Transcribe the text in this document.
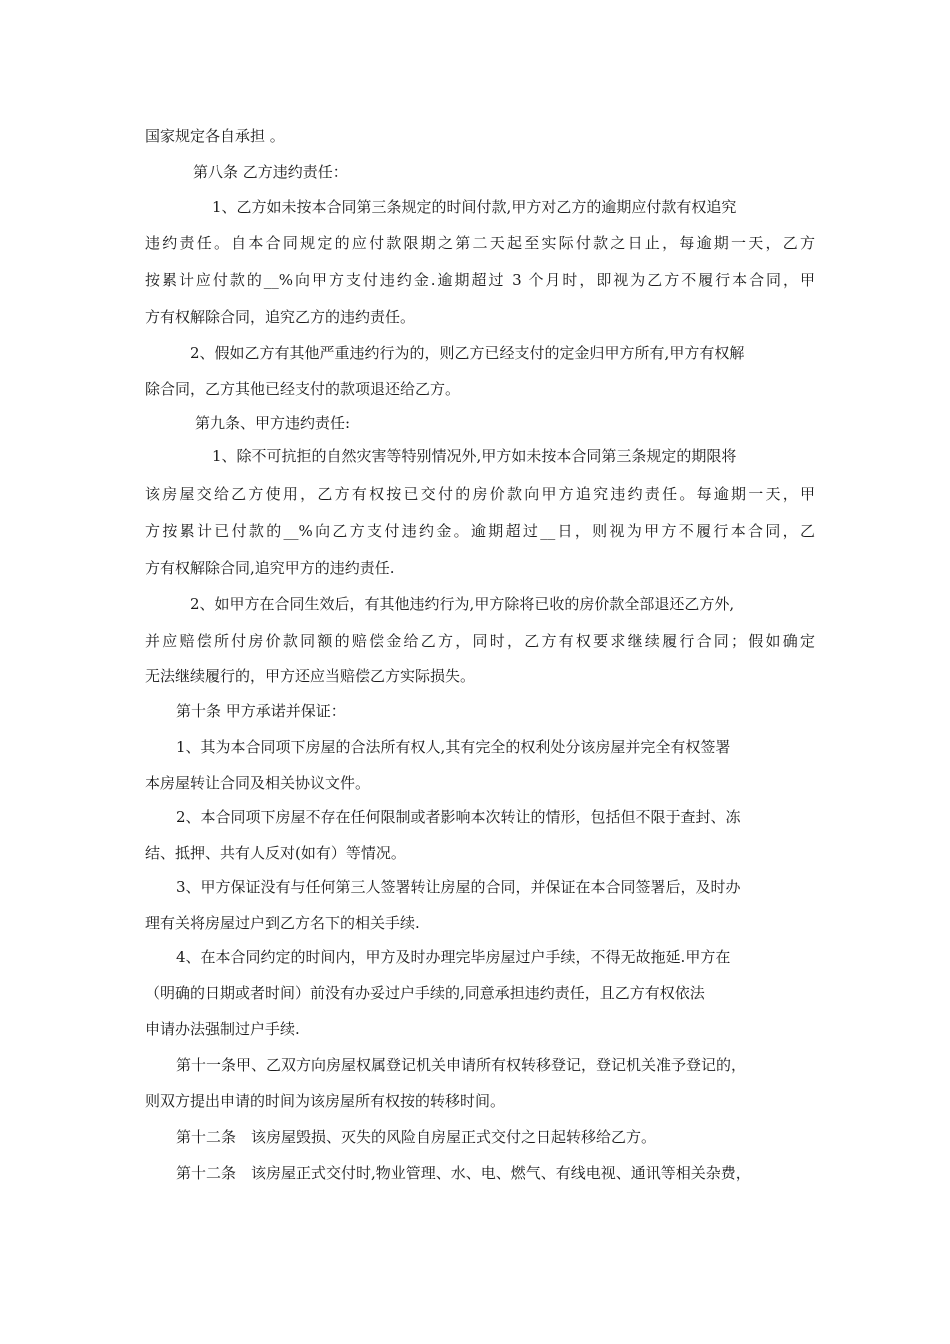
国家规定各自承担 。
第八条 乙方违约责任：
1、乙方如未按本合同第三条规定的时间付款,甲方对乙方的逾期应付款有权追究
违约责任。自本合同规定的应付款限期之第二天起至实际付款之日止，每逾期一天，乙方
按累计应付款的__%向甲方支付违约金.逾期超过 3 个月时，即视为乙方不履行本合同，甲
方有权解除合同，追究乙方的违约责任。
2、假如乙方有其他严重违约行为的，则乙方已经支付的定金归甲方所有,甲方有权解
除合同，乙方其他已经支付的款项退还给乙方。
第九条、甲方违约责任:
1、除不可抗拒的自然灾害等特别情况外,甲方如未按本合同第三条规定的期限将
该房屋交给乙方使用，乙方有权按已交付的房价款向甲方追究违约责任。每逾期一天，甲
方按累计已付款的__%向乙方支付违约金。逾期超过__日，则视为甲方不履行本合同，乙
方有权解除合同,追究甲方的违约责任.
2、如甲方在合同生效后，有其他违约行为,甲方除将已收的房价款全部退还乙方外,
并应赔偿所付房价款同额的赔偿金给乙方，同时，乙方有权要求继续履行合同；假如确定
无法继续履行的，甲方还应当赔偿乙方实际损失。
第十条 甲方承诺并保证：
1、其为本合同项下房屋的合法所有权人,其有完全的权利处分该房屋并完全有权签署
本房屋转让合同及相关协议文件。
2、本合同项下房屋不存在任何限制或者影响本次转让的情形，包括但不限于查封、冻
结、抵押、共有人反对(如有）等情况。
3、甲方保证没有与任何第三人签署转让房屋的合同，并保证在本合同签署后，及时办
理有关将房屋过户到乙方名下的相关手续.
4、在本合同约定的时间内，甲方及时办理完毕房屋过户手续，不得无故拖延.甲方在
（明确的日期或者时间）前没有办妥过户手续的,同意承担违约责任，且乙方有权依法
申请办法强制过户手续.
第十一条甲、乙双方向房屋权属登记机关申请所有权转移登记，登记机关准予登记的，
则双方提出申请的时间为该房屋所有权按的转移时间。
第十二条　该房屋毁损、灭失的风险自房屋正式交付之日起转移给乙方。
第十二条　该房屋正式交付时,物业管理、水、电、燃气、有线电视、通讯等相关杂费，
